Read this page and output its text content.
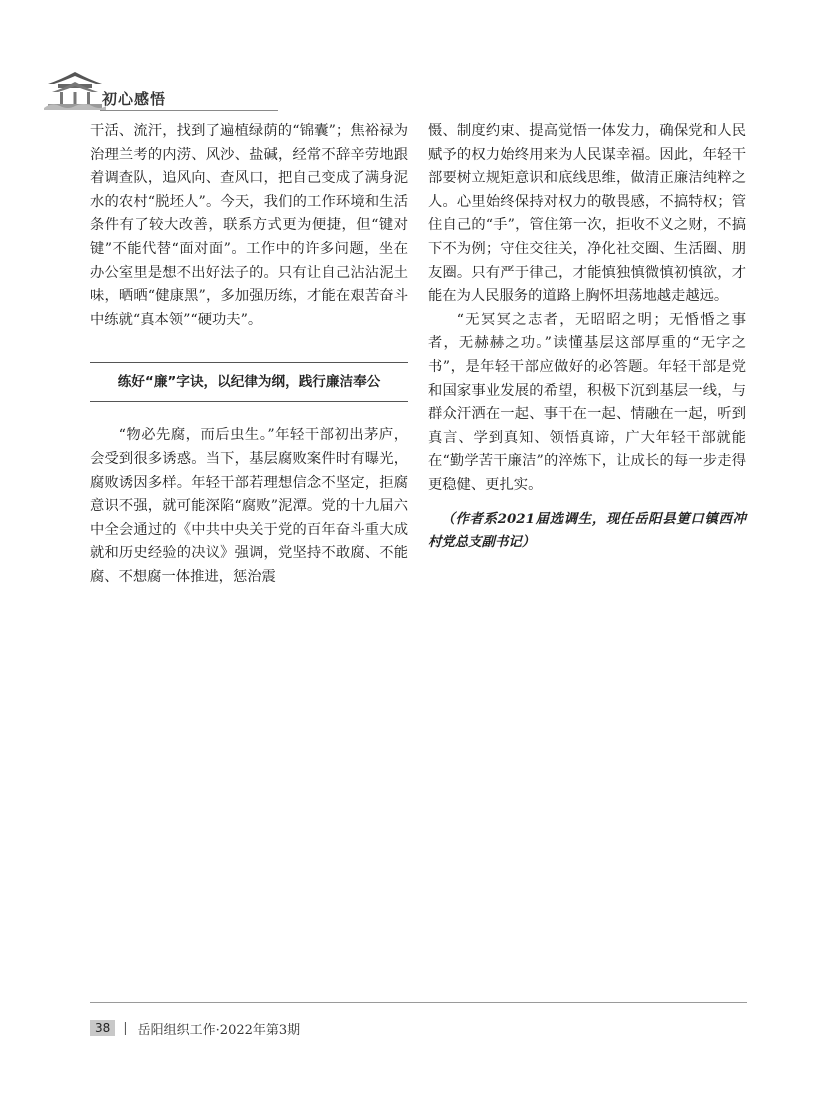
初心感悟

干活、流汗，找到了遍植绿荫的“锦囊”；焦裕禄为治理兰考的内涝、风沙、盐碱，经常不辞辛劳地跟着调查队，追风向、查风口，把自己变成了满身泥水的农村“脱坯人”。今天，我们的工作环境和生活条件有了较大改善，联系方式更为便捷，但“键对键”不能代替“面对面”。工作中的许多问题，坐在办公室里是想不出好法子的。只有让自己沾沾泥土味，晒晒“健康黑”，多加强历练，才能在艰苦奋斗中练就“真本领”“硬功夫”。

练好“廉”字诀，以纪律为纲，践行廉洁奉公

“物必先腐，而后虫生。”年轻干部初出茅庐，会受到很多诱惑。当下，基层腐败案件时有曝光，腐败诱因多样。年轻干部若理想信念不坚定，拒腐意识不强，就可能深陷“腐败”泥潭。党的十九届六中全会通过的《中共中央关于党的百年奋斗重大成就和历史经验的决议》强调，党坚持不敢腐、不能腐、不想腐一体推进，惩治震

慑、制度约束、提高觉悟一体发力，确保党和人民赋予的权力始终用来为人民谋幸福。因此，年轻干部要树立规矩意识和底线思维，做清正廉洁纯粹之人。心里始终保持对权力的敬畏感，不搞特权；管住自己的“手”，管住第一次，拒收不义之财，不搞下不为例；守住交往关，净化社交圈、生活圈、朋友圈。只有严于律己，才能慎独慎微慎初慎欲，才能在为人民服务的道路上胸怀坦荡地越走越远。

“无冥冥之志者，无昭昭之明；无惛惛之事者，无赫赫之功。”读懂基层这部厚重的“无字之书”，是年轻干部应做好的必答题。年轻干部是党和国家事业发展的希望，积极下沉到基层一线，与群众汗洒在一起、事干在一起、情融在一起，听到真言、学到真知、领悟真谛，广大年轻干部就能在“勤学苦干廉洁”的淬炼下，让成长的每一步走得更稳健、更扎实。

（作者系2021届选调生，现任岳阳县筻口镇西冲村党总支副书记）

38	| 岳阳组织工作·2022年第3期
